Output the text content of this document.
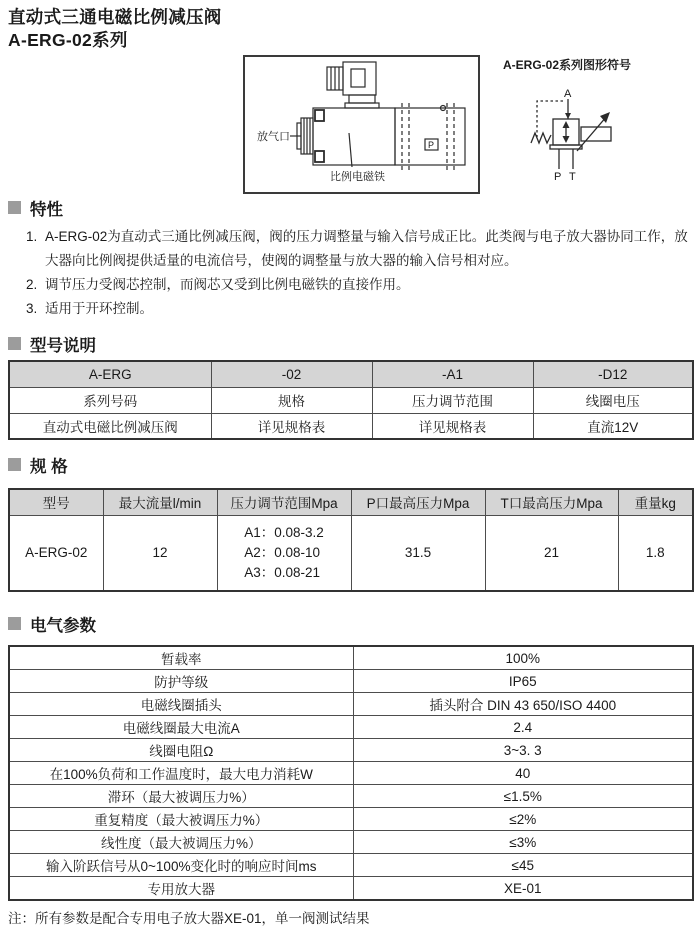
直动式三通电磁比例减压阀
A-ERG-02系列
放气口
P
比例电磁铁
A-ERG-02系列图形符号
A
P T
特性
1. A-ERG-02为直动式三通比例减压阀，阀的压力调整量与输入信号成正比。此类阀与电子放大器协同工作，放大器向比例阀提供适量的电流信号，使阀的调整量与放大器的输入信号相对应。
2. 调节压力受阀芯控制，而阀芯又受到比例电磁铁的直接作用。
3. 适用于开环控制。
型号说明
A-ERG	-02	-A1	-D12
系列号码	规格	压力调节范围	线圈电压
直动式电磁比例减压阀	详见规格表	详见规格表	直流12V
规 格
型号	最大流量l/min	压力调节范围Mpa	P口最高压力Mpa	T口最高压力Mpa	重量kg
A-ERG-02	12	A1：0.08-3.2
A2：0.08-10
A3：0.08-21	31.5	21	1.8
电气参数
暂载率	100%
防护等级	IP65
电磁线圈插头	插头附合 DIN 43 650/ISO 4400
电磁线圈最大电流A	2.4
线圈电阻Ω	3~3. 3
在100%负荷和工作温度时，最大电力消耗W	40
滞环（最大被调压力%）	≤1.5%
重复精度（最大被调压力%）	≤2%
线性度（最大被调压力%）	≤3%
输入阶跃信号从0~100%变化时的响应时间ms	≤45
专用放大器	XE-01
注：所有参数是配合专用电子放大器XE-01，单一阀测试结果
